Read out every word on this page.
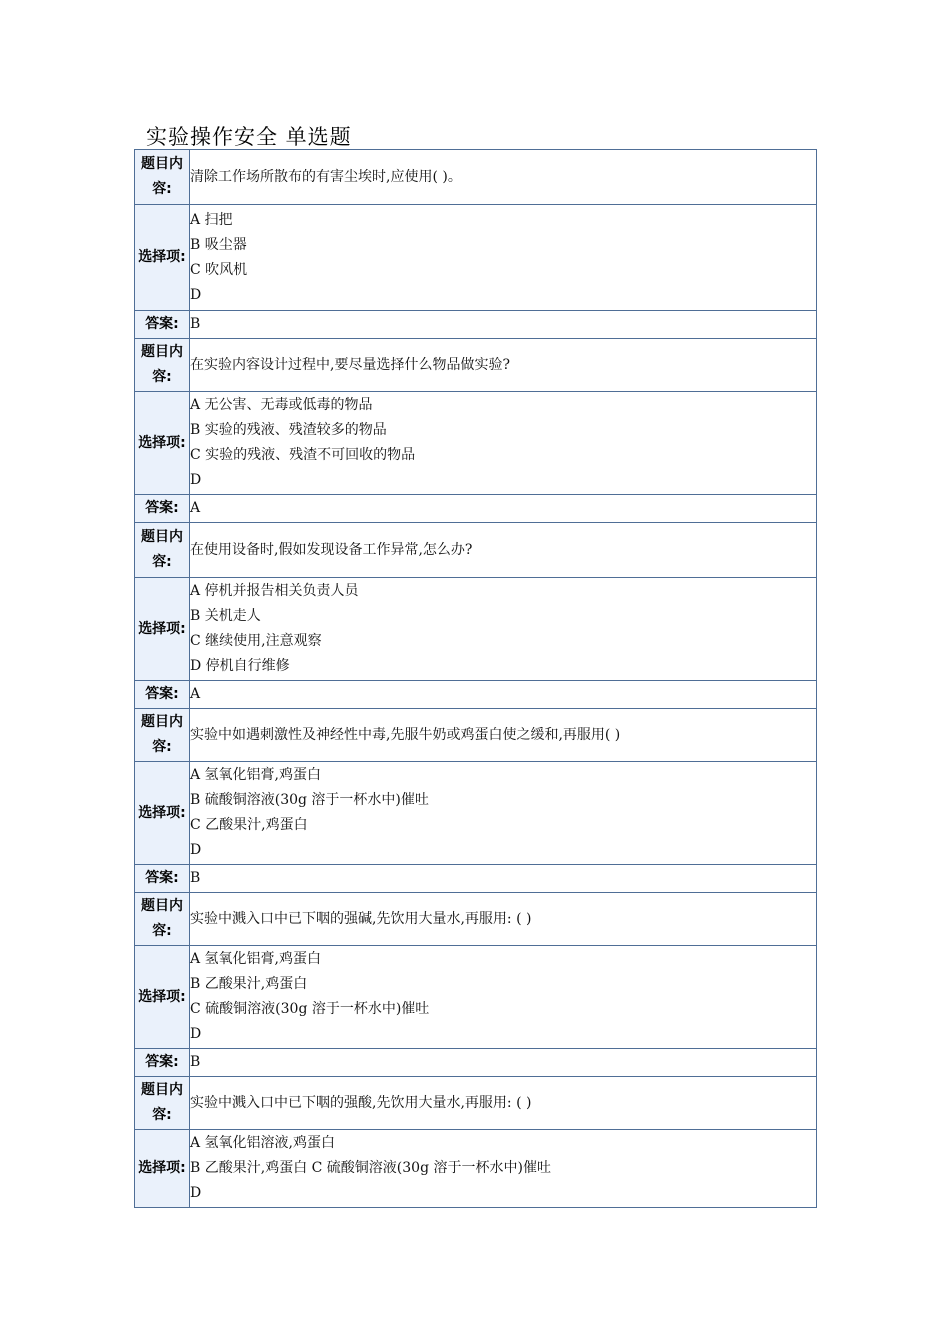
实验操作安全 单选题
题目内容:	清除工作场所散布的有害尘埃时,应使用( )。
选择项:	A 扫把
B 吸尘器
C 吹风机
D

答案:	B
题目内容:	在实验内容设计过程中,要尽量选择什么物品做实验?
选择项:	A 无公害、无毒或低毒的物品
B 实验的残液、残渣较多的物品
C 实验的残液、残渣不可回收的物品
D

答案:	A
题目内容:	在使用设备时,假如发现设备工作异常,怎么办?
选择项:	A 停机并报告相关负责人员
B 关机走人
C 继续使用,注意观察
D 停机自行维修

答案:	A
题目内容:	实验中如遇刺激性及神经性中毒,先服牛奶或鸡蛋白使之缓和,再服用( )
选择项:	A 氢氧化铝膏,鸡蛋白
B 硫酸铜溶液(30g 溶于一杯水中)催吐
C 乙酸果汁,鸡蛋白
D

答案:	B
题目内容:	实验中溅入口中已下咽的强碱,先饮用大量水,再服用: ( )
选择项:	A 氢氧化铝膏,鸡蛋白
B 乙酸果汁,鸡蛋白
C 硫酸铜溶液(30g 溶于一杯水中)催吐
D

答案:	B
题目内容:	实验中溅入口中已下咽的强酸,先饮用大量水,再服用: ( )
选择项:	A 氢氧化铝溶液,鸡蛋白
B 乙酸果汁,鸡蛋白 C 硫酸铜溶液(30g 溶于一杯水中)催吐
D
